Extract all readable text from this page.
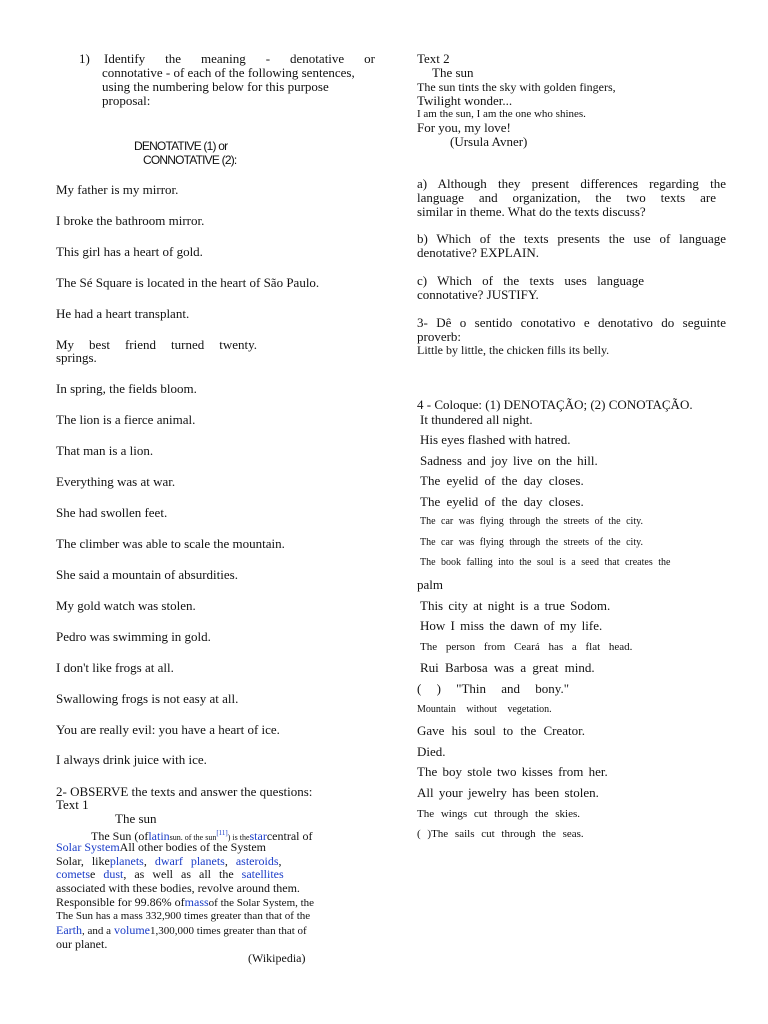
1) Identify the meaning - denotative or
connotative - of each of the following sentences,
using the numbering below for this purpose
proposal:
DENOTATIVE (1) or
CONNOTATIVE (2):
My father is my mirror.
I broke the bathroom mirror.
This girl has a heart of gold.
The Sé Square is located in the heart of São Paulo.
He had a heart transplant.
My best friend turned twenty.
springs.
In spring, the fields bloom.
The lion is a fierce animal.
That man is a lion.
Everything was at war.
She had swollen feet.
The climber was able to scale the mountain.
She said a mountain of absurdities.
My gold watch was stolen.
Pedro was swimming in gold.
I don't like frogs at all.
Swallowing frogs is not easy at all.
You are really evil: you have a heart of ice.
I always drink juice with ice.
2- OBSERVE the texts and answer the questions:
Text 1
The sun
The Sun (oflatinsun. of the sun[11]) is thestarcentral of
Solar SystemAll other bodies of the System
Solar, likeplanets, dwarf planets, asteroids,
cometse dust, as well as all the satellites
associated with these bodies, revolve around them.
Responsible for 99.86% ofmassof the Solar System, the
The Sun has a mass 332,900 times greater than that of the
Earth, and a volume1,300,000 times greater than that of
our planet.
(Wikipedia)
Text 2
The sun
The sun tints the sky with golden fingers,
Twilight wonder...
I am the sun, I am the one who shines.
For you, my love!
(Ursula Avner)
a) Although they present differences regarding the
language and organization, the two texts are
similar in theme. What do the texts discuss?
b) Which of the texts presents the use of language
denotative? EXPLAIN.
c) Which of the texts uses language
connotative? JUSTIFY.
3- Dê o sentido conotativo e denotativo do seguinte
proverb:
Little by little, the chicken fills its belly.
4 - Coloque: (1) DENOTAÇÃO; (2) CONOTAÇÃO.
It thundered all night.
His eyes flashed with hatred.
Sadness and joy live on the hill.
The eyelid of the day closes.
The eyelid of the day closes.
The car was flying through the streets of the city.
The car was flying through the streets of the city.
The book falling into the soul is a seed that creates the
palm
This city at night is a true Sodom.
How I miss the dawn of my life.
The person from Ceará has a flat head.
Rui Barbosa was a great mind.
( ) "Thin and bony."
Mountain without vegetation.
Gave his soul to the Creator.
Died.
The boy stole two kisses from her.
All your jewelry has been stolen.
The wings cut through the skies.
( )The sails cut through the seas.
